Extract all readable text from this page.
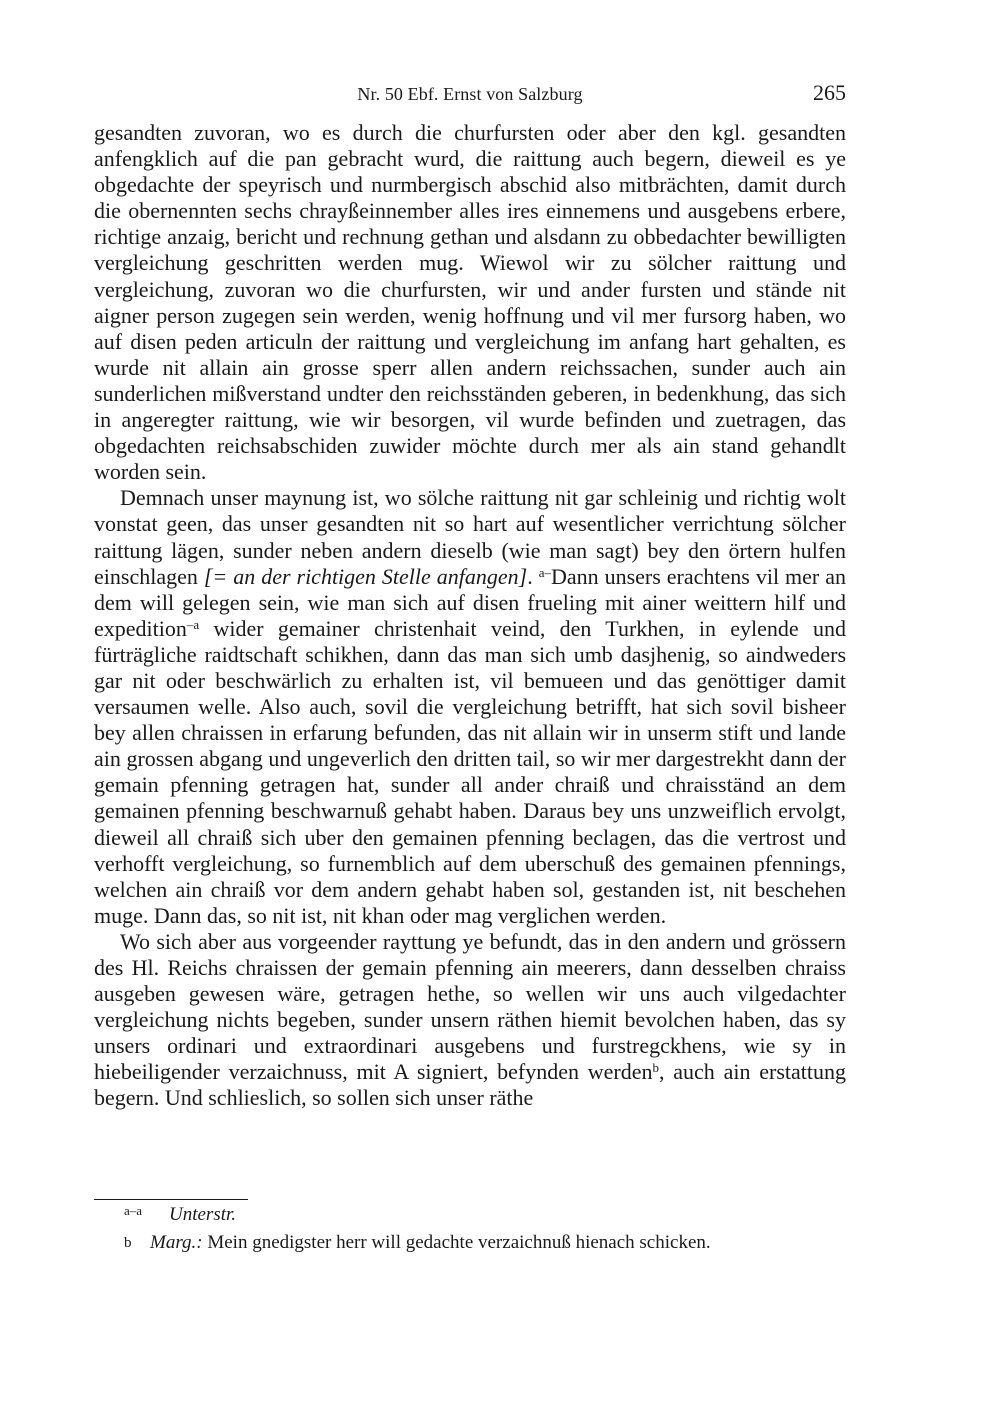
Nr. 50 Ebf. Ernst von Salzburg	265

gesandten zuvoran, wo es durch die churfursten oder aber den kgl. gesandten anfengklich auf die pan gebracht wurd, die raittung auch begern, dieweil es ye obgedachte der speyrisch und nurmbergisch abschid also mitbrächten, damit durch die obernennten sechs chrayßeinnember alles ires einnemens und ausgebens erbere, richtige anzaig, bericht und rechnung gethan und alsdann zu obbedachter bewilligten vergleichung geschritten werden mug. Wiewol wir zu sölcher raittung und vergleichung, zuvoran wo die churfursten, wir und ander fursten und stände nit aigner person zugegen sein werden, wenig hoffnung und vil mer fursorg haben, wo auf disen peden articuln der raittung und vergleichung im anfang hart gehalten, es wurde nit allain ain grosse sperr allen andern reichssachen, sunder auch ain sunderlichen mißverstand undter den reichsständen geberen, in bedenkhung, das sich in angeregter raittung, wie wir besorgen, vil wurde befinden und zuetragen, das obgedachten reichsabschiden zuwider möchte durch mer als ain stand gehandlt worden sein.

Demnach unser maynung ist, wo sölche raittung nit gar schleinig und richtig wolt vonstat geen, das unser gesandten nit so hart auf wesentlicher verrichtung sölcher raittung lägen, sunder neben andern dieselb (wie man sagt) bey den örtern hulfen einschlagen [= an der richtigen Stelle anfangen]. $^{a-}$Dann unsers erachtens vil mer an dem will gelegen sein, wie man sich auf disen frueling mit ainer weittern hilf und expedition$^{-a}$ wider gemainer christenhait veind, den Turkhen, in eylende und fürträgliche raidtschaft schikhen, dann das man sich umb dasjhenig, so aindweders gar nit oder beschwärlich zu erhalten ist, vil bemueen und das genöttiger damit versaumen welle. Also auch, sovil die vergleichung betrifft, hat sich sovil bisheer bey allen chraissen in erfarung befunden, das nit allain wir in unserm stift und lande ain grossen abgang und ungeverlich den dritten tail, so wir mer dargestrekht dann der gemain pfenning getragen hat, sunder all ander chraiß und chraisständ an dem gemainen pfenning beschwarnuß gehabt haben. Daraus bey uns unzweiflich ervolgt, dieweil all chraiß sich uber den gemainen pfenning beclagen, das die vertrost und verhofft vergleichung, so furnemblich auf dem uberschuß des gemainen pfennings, welchen ain chraiß vor dem andern gehabt haben sol, gestanden ist, nit beschehen muge. Dann das, so nit ist, nit khan oder mag verglichen werden.

Wo sich aber aus vorgeender rayttung ye befundt, das in den andern und grössern des Hl. Reichs chraissen der gemain pfenning ain meerers, dann desselben chraiss ausgeben gewesen wäre, getragen hethe, so wellen wir uns auch vilgedachter vergleichung nichts begeben, sunder unsern räthen hiemit bevolchen haben, das sy unsers ordinari und extraordinari ausgebens und furstregckhens, wie sy in hiebeiligender verzaichnuss, mit A signiert, befynden werden$^b$, auch ain erstattung begern. Und schlieslich, so sollen sich unser räthe

a–a Unterstr.
b Marg.: Mein gnedigster herr will gedachte verzaichnuß hienach schicken.
